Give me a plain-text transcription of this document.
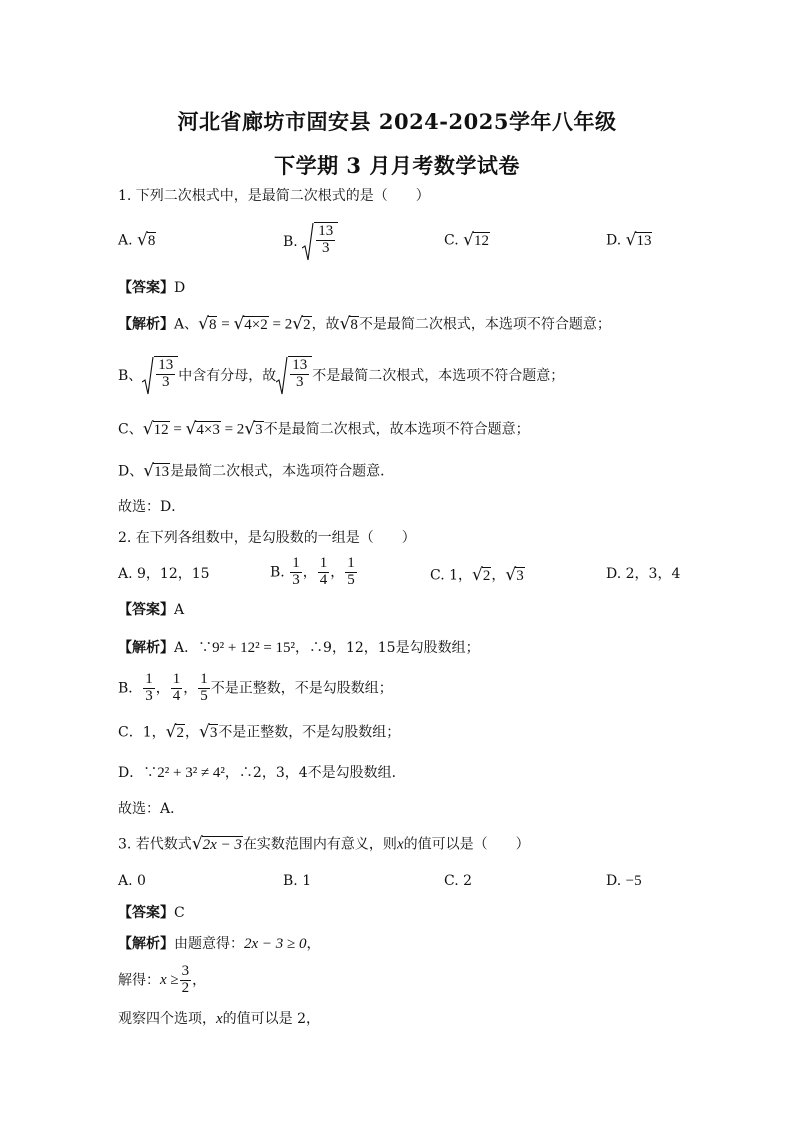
河北省廊坊市固安县 2024-2025学年八年级
下学期 3 月月考数学试卷
1. 下列二次根式中，是最简二次根式的是（　　）
A. √8	B. $\frac{13}{3}$	C. √12	D. √13
【答案】D
【解析】A、√8 = √4×2 = 2√2，故√8不是最简二次根式，本选项不符合题意；
B、 $\frac{13}{3}$ 中含有分母，故 $\frac{13}{3}$ 不是最简二次根式，本选项不符合题意；
C、√12 = √4×3 = 2√3不是最简二次根式，故本选项不符合题意；
D、√13是最简二次根式，本选项符合题意．
故选：D．
2. 在下列各组数中，是勾股数的一组是（　　）
A. 9，12，15	B. $\frac{1}{3}$ ， $\frac{1}{4}$ ， $\frac{1}{5}$	C. 1，√2，√3	D. 2，3，4
【答案】A
【解析】A．∵9² + 12² = 15²，∴9，12，15是勾股数组；
B． $\frac{1}{3}$ ， $\frac{1}{4}$ ， $\frac{1}{5}$ 不是正整数，不是勾股数组；
C．1，√2，√3不是正整数，不是勾股数组；
D．∵2² + 3² ≠ 4²，∴2，3，4不是勾股数组．
故选：A．
3. 若代数式√2x − 3在实数范围内有意义，则x的值可以是（　　）
A. 0	B. 1	C. 2	D. −5
【答案】C
【解析】由题意得：2x − 3 ≥ 0，
解得：$x \ge \frac{3}{2}$ ，
观察四个选项，x的值可以是 2，
